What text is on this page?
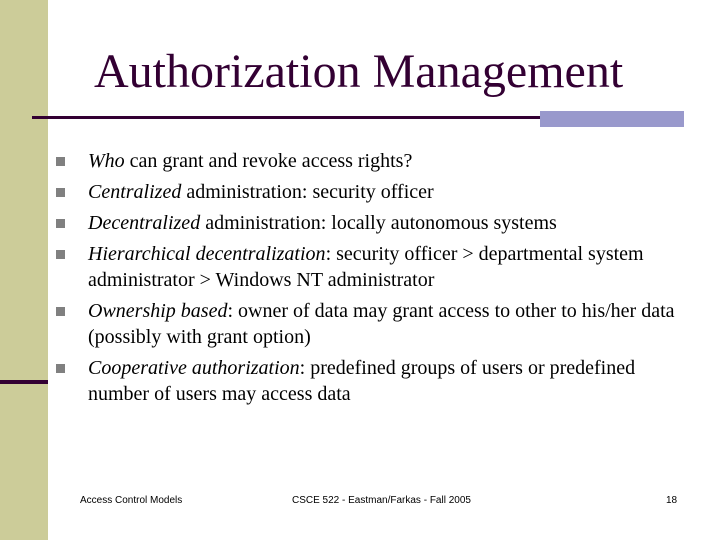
Authorization Management
Who can grant and revoke access rights?
Centralized administration: security officer
Decentralized administration: locally autonomous systems
Hierarchical decentralization: security officer > departmental system administrator > Windows NT administrator
Ownership based: owner of data may grant access to other to his/her data (possibly with grant option)
Cooperative authorization: predefined groups of users or predefined number of users may access data
Access Control Models	CSCE 522 - Eastman/Farkas - Fall 2005	18
